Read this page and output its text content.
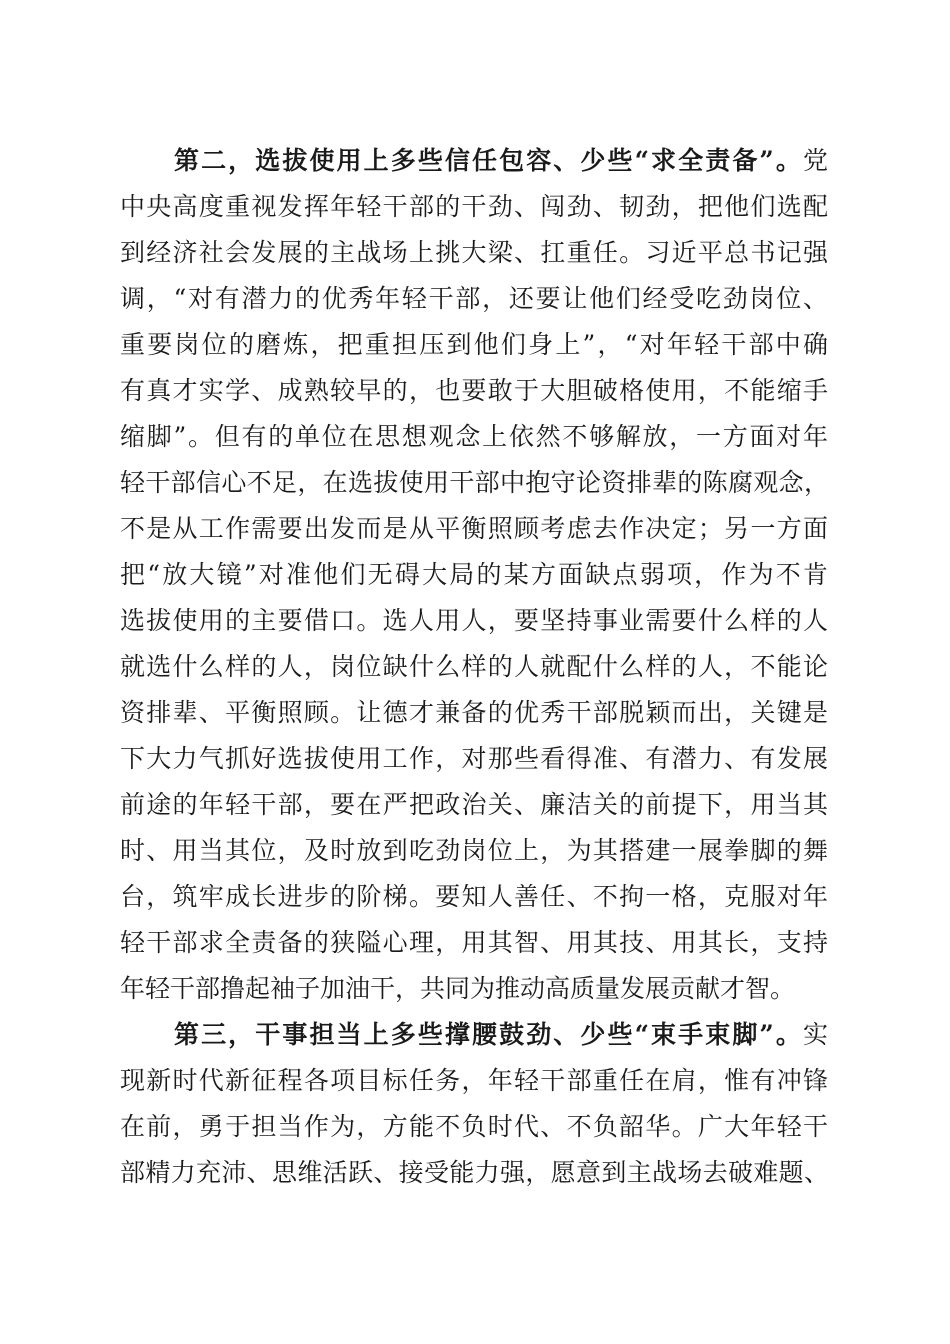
第二，选拔使用上多些信任包容、少些“求全责备”。党
中央高度重视发挥年轻干部的干劲、闯劲、韧劲，把他们选配
到经济社会发展的主战场上挑大梁、扛重任。习近平总书记强
调，“对有潜力的优秀年轻干部，还要让他们经受吃劲岗位、
重要岗位的磨炼，把重担压到他们身上”，“对年轻干部中确
有真才实学、成熟较早的，也要敢于大胆破格使用，不能缩手
缩脚”。但有的单位在思想观念上依然不够解放，一方面对年
轻干部信心不足，在选拔使用干部中抱守论资排辈的陈腐观念，
不是从工作需要出发而是从平衡照顾考虑去作决定；另一方面
把“放大镜”对准他们无碍大局的某方面缺点弱项，作为不肯
选拔使用的主要借口。选人用人，要坚持事业需要什么样的人
就选什么样的人，岗位缺什么样的人就配什么样的人，不能论
资排辈、平衡照顾。让德才兼备的优秀干部脱颖而出，关键是
下大力气抓好选拔使用工作，对那些看得准、有潜力、有发展
前途的年轻干部，要在严把政治关、廉洁关的前提下，用当其
时、用当其位，及时放到吃劲岗位上，为其搭建一展拳脚的舞
台，筑牢成长进步的阶梯。要知人善任、不拘一格，克服对年
轻干部求全责备的狭隘心理，用其智、用其技、用其长，支持
年轻干部撸起袖子加油干，共同为推动高质量发展贡献才智。
第三，干事担当上多些撑腰鼓劲、少些“束手束脚”。实
现新时代新征程各项目标任务，年轻干部重任在肩，惟有冲锋
在前，勇于担当作为，方能不负时代、不负韶华。广大年轻干
部精力充沛、思维活跃、接受能力强，愿意到主战场去破难题、
